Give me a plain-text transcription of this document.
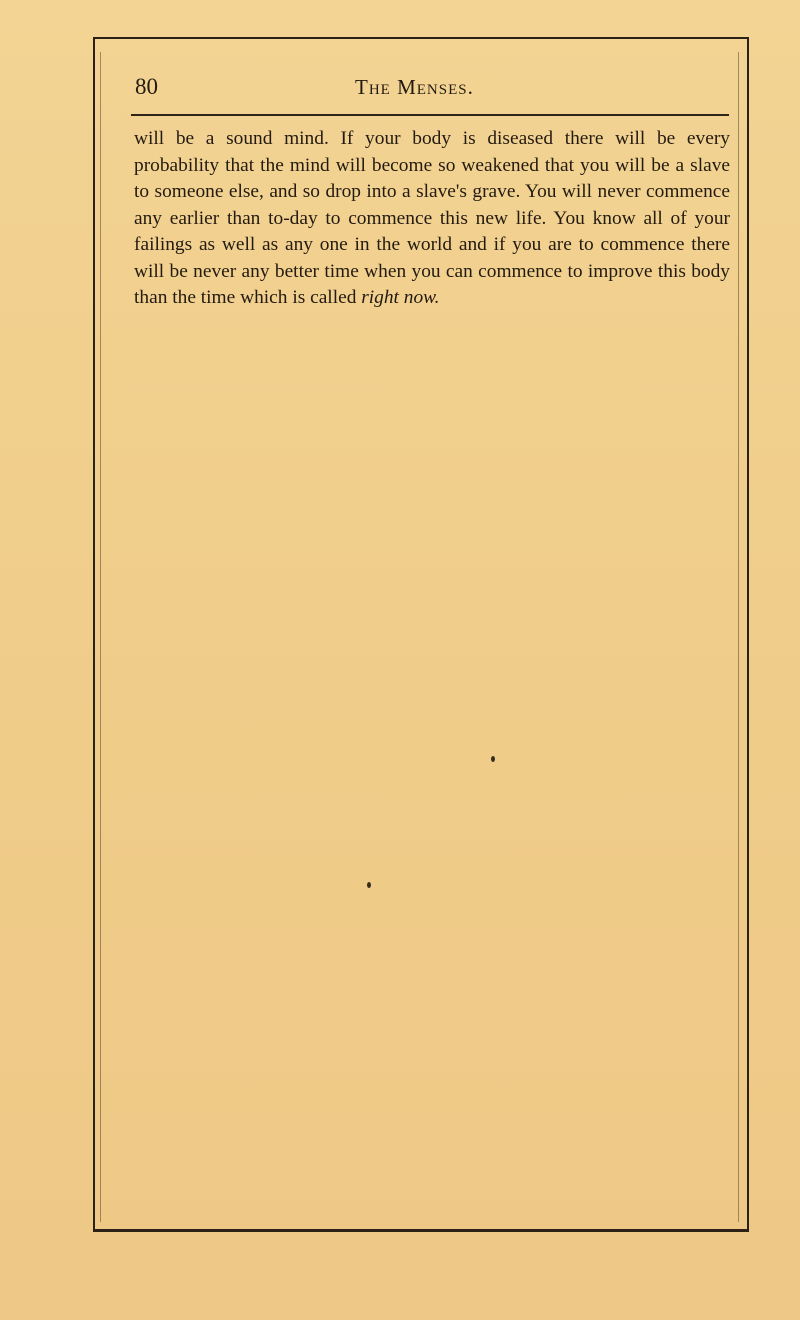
80	The Menses.

will be a sound mind. If your body is diseased there will be every probability that the mind will become so weakened that you will be a slave to someone else, and so drop into a slave's grave. You will never commence any earlier than to-day to commence this new life. You know all of your failings as well as any one in the world and if you are to commence there will be never any better time when you can commence to improve this body than the time which is called right now.
